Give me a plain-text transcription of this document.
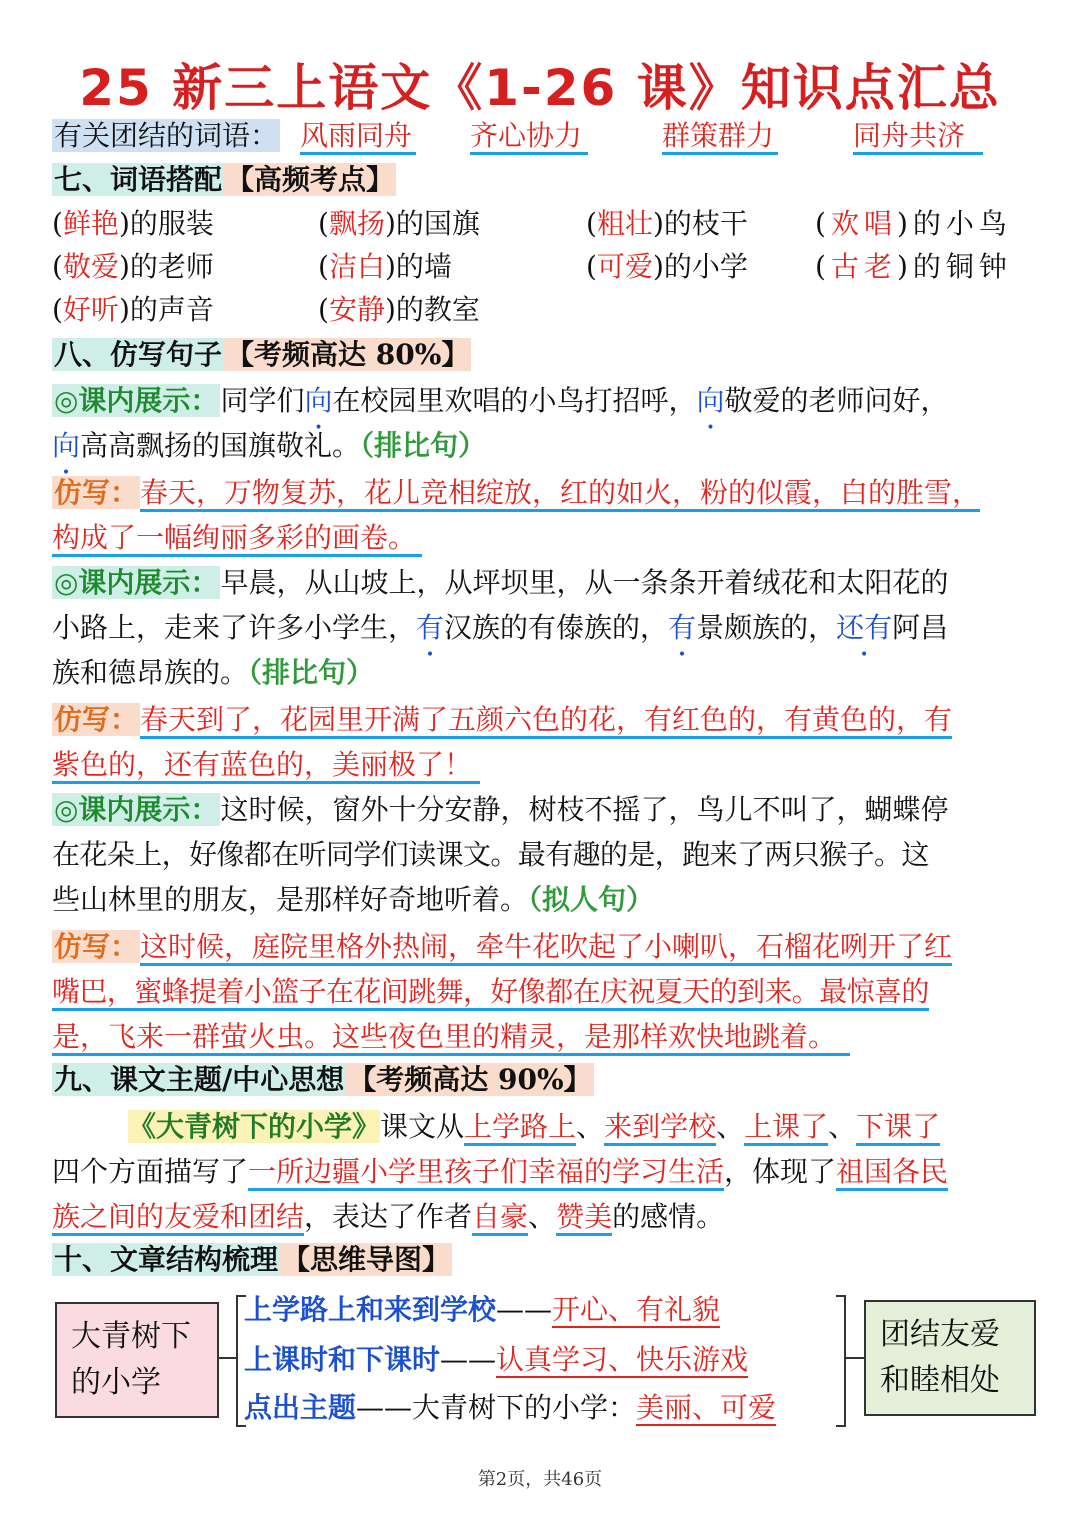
25 新三上语文《1-26 课》知识点汇总
有关团结的词语： 风雨同舟 齐心协力	群策群力	同舟共济
七、词语搭配 【高频考点】
(鲜艳)的服装	(飘扬)的国旗	(粗壮)的枝干 (欢唱)的小鸟
(敬爱)的老师	(洁白)的墙	(可爱)的小学 (古老)的铜钟
(好听)的声音	(安静)的教室
八、仿写句子 【考频高达 80%】
◎课内展示：同学们向在校园里欢唱的小鸟打招呼，向敬爱的老师问好，
向高高飘扬的国旗敬礼。（排比句）
仿写：春天，万物复苏，花儿竞相绽放，红的如火，粉的似霞，白的胜雪，
构成了一幅绚丽多彩的画卷。
◎课内展示：早晨，从山坡上，从坪坝里，从一条条开着绒花和太阳花的
小路上，走来了许多小学生，有汉族的有傣族的，有景颇族的，还有阿昌
族和德昂族的。（排比句）
仿写：春天到了，花园里开满了五颜六色的花，有红色的，有黄色的，有
紫色的，还有蓝色的，美丽极了！
◎课内展示：这时候，窗外十分安静，树枝不摇了，鸟儿不叫了，蝴蝶停
在花朵上，好像都在听同学们读课文。最有趣的是，跑来了两只猴子。这
些山林里的朋友，是那样好奇地听着。（拟人句）
仿写：这时候，庭院里格外热闹，牵牛花吹起了小喇叭，石榴花咧开了红
嘴巴，蜜蜂提着小篮子在花间跳舞，好像都在庆祝夏天的到来。最惊喜的
是，飞来一群萤火虫。这些夜色里的精灵，是那样欢快地跳着。
九、课文主题/中心思想 【考频高达 90%】
《大青树下的小学》课文从上学路上、来到学校、上课了、下课了
四个方面描写了一所边疆小学里孩子们幸福的学习生活，体现了祖国各民
族之间的友爱和团结，表达了作者自豪、赞美的感情。
十、文章结构梳理 【思维导图】
大青树下
的小学
上学路上和来到学校——开心、有礼貌
上课时和下课时——认真学习、快乐游戏
点出主题——大青树下的小学：美丽、可爱
团结友爱
和睦相处
第2页，共46页
